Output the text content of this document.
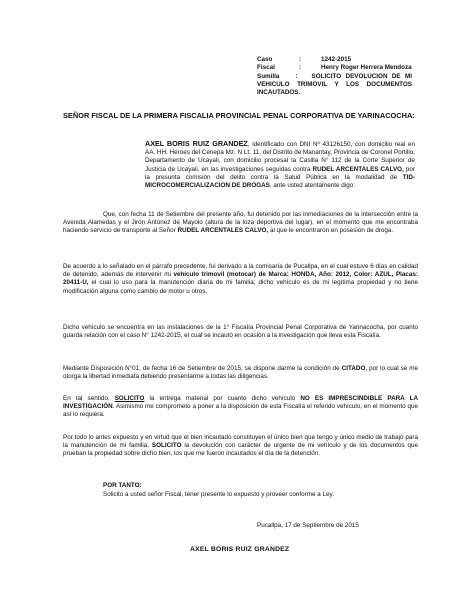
Caso	:	1242-2015
Fiscal	:	Henry Roger Herrera Mendoza
Sumilla	: SOLICITO DEVOLUCION DE MI VEHICULO TRIMOVIL Y LOS DOCUMENTOS INCAUTADOS.
SEÑOR FISCAL DE LA PRIMERA FISCALIA PROVINCIAL PENAL CORPORATIVA DE YARINACOCHA:
AXEL BORIS RUIZ GRANDEZ, identificado con DNI Nº 43126150, con domicilio real en AA. HH. Héroes del Cenepa Mz. N Lt. 11, del Distrito de Manantay, Provincia de Coronel Portillo, Departamento de Ucayali, con domicilio procesal la Casilla N° 112 de la Corte Superior de Justicia de Ucayali, en las investigaciones seguidas contra RUDEL ARCENTALES CALVO, por la presunta comisión del delito contra la Salud Pública en la modalidad de TID-MICROCOMERCIALIZACION DE DROGAS, ante usted atentamente digo:
Que, con fecha 11 de Setiembre del presente año, fui detenido por las inmediaciones de la intersección entre la Avenida Alamedas y el Jirón Antúnez de Mayolo (altura de la loza deportiva del lugar), en el momento que me encontraba haciendo servicio de transporte al Señor RUDEL ARCENTALES CALVO, al que le encontraron en posesión de droga.
De acuerdo a lo señalado en el párrafo precedente, fui derivado a la comisaría de Pucallpa, en el cual estuve 6 días en calidad de detenido, además de intervenir mi vehículo trimovil (motocar) de Marca: HONDA, Año: 2012, Color: AZUL, Placas: 20411-U, el cual lo uso para la manutención diaria de mi familia; dicho vehículo es de mi legítima propiedad y no tiene modificación alguna como cambio de motor u otros.
Dicho vehículo se encuentra en las instalaciones de la 1° Fiscalía Provincial Penal Corporativa de Yarinacocha, por cuanto guarda relación con el caso N° 1242-2015, el cual se incautó en ocasión a la investigación que lleva esta Fiscalía.
Mediante Disposición N°01, de fecha 16 de Setiembre de 2015, se dispone darme la condición de CITADO, por lo cual se me otorga la libertad inmediata debiendo presentarme a todas las diligencias.
En tal sentido, SOLICITO la entrega material por cuanto dicho vehículo NO ES IMPRESCINDIBLE PARA LA INVESTIGACIÓN. Asimismo me comprometo a poner a la disposición de esta Fiscalía el referido vehículo, en el momento que así lo requiera.
Por todo lo antes expuesto y en virtud que el bien incautado constituyen el único bien que tengo y único medio de trabajo para la manutención de mi familia, SOLICITO la devolución con carácter de urgente de mi vehículo y de los documentos que prueban la propiedad sobre dicho bien, los que me fueron incautados el día de la detención.
POR TANTO:
Solicito a usted señor Fiscal, tener presente lo expuesto y proveer conforme a Ley.
Pucallpa, 17 de Septiembre de 2015
AXEL BORIS RUIZ GRANDEZ
